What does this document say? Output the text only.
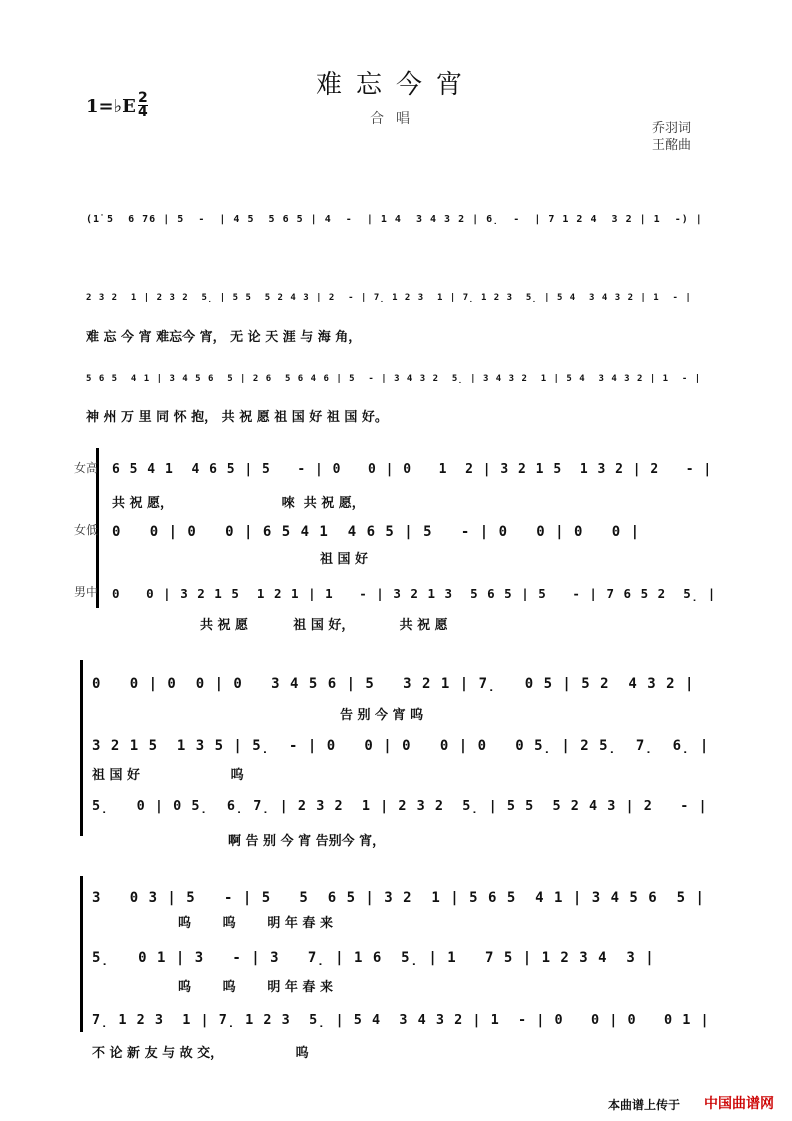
难忘今宵
合唱
1=♭E 2
4
乔羽词
王酩曲
(1̇ 5  6 76 | 5  -  | 4 5  5 6 5 | 4  -  | 1 4  3 4 3 2 | 6̣  -  | 7 1 2 4  3 2 | 1  -) |
2 3 2  1 | 2 3 2  5̣ | 5 5  5 2 4 3 | 2  - | 7̣ 1 2 3  1 | 7̣ 1 2 3  5̣ | 5 4  3 4 3 2 | 1  - |
难 忘 今 宵 难忘今 宵， 无 论 天 涯 与 海 角，
5 6 5  4 1 | 3 4 5 6  5 | 2 6  5 6 4 6 | 5  - | 3 4 3 2  5̣ | 3 4 3 2  1 | 5 4  3 4 3 2 | 1  - |
神 州 万 里 同 怀 抱， 共 祝 愿 祖 国 好 祖 国 好。
女高 6 5 4 1  4 6 5 | 5   - | 0   0 | 0   1  2 | 3 2 1 5  1 3 2 | 2   - |
共 祝 愿，                        唻  共 祝 愿，
女低 0   0 | 0   0 | 6 5 4 1  4 6 5 | 5   - | 0   0 | 0   0 |
祖 国 好
男中 0   0 | 3 2 1 5  1 2 1 | 1   - | 3 2 1 3  5 6 5 | 5   - | 7 6 5 2  5̣ |
共 祝 愿          祖 国 好，          共 祝 愿
0   0 | 0  0 | 0   3 4 5 6 | 5   3 2 1 | 7̣   0 5 | 5 2  4 3 2 |
告 别 今 宵 呜
3 2 1 5  1 3 5 | 5̣  - | 0   0 | 0   0 | 0   0 5̣ | 2 5̣  7̣  6̣ |
祖 国 好                    呜
5̣   0 | 0 5̣  6̣ 7̣ | 2 3 2  1 | 2 3 2  5̣ | 5 5  5 2 4 3 | 2   - |
啊 告 别 今 宵 告别今 宵，
3   0 3 | 5   - | 5   5  6 5 | 3 2  1 | 5 6 5  4 1 | 3 4 5 6  5 |
呜       呜       明 年 春 来
5̣   0 1 | 3   - | 3   7̣ | 1 6  5̣ | 1   7 5 | 1 2 3 4  3 |
呜       呜       明 年 春 来
7̣ 1 2 3  1 | 7̣ 1 2 3  5̣ | 5 4  3 4 3 2 | 1  - | 0   0 | 0   0 1 |
不 论 新 友 与 故 交，                呜
本曲谱上传于 中国曲谱网
